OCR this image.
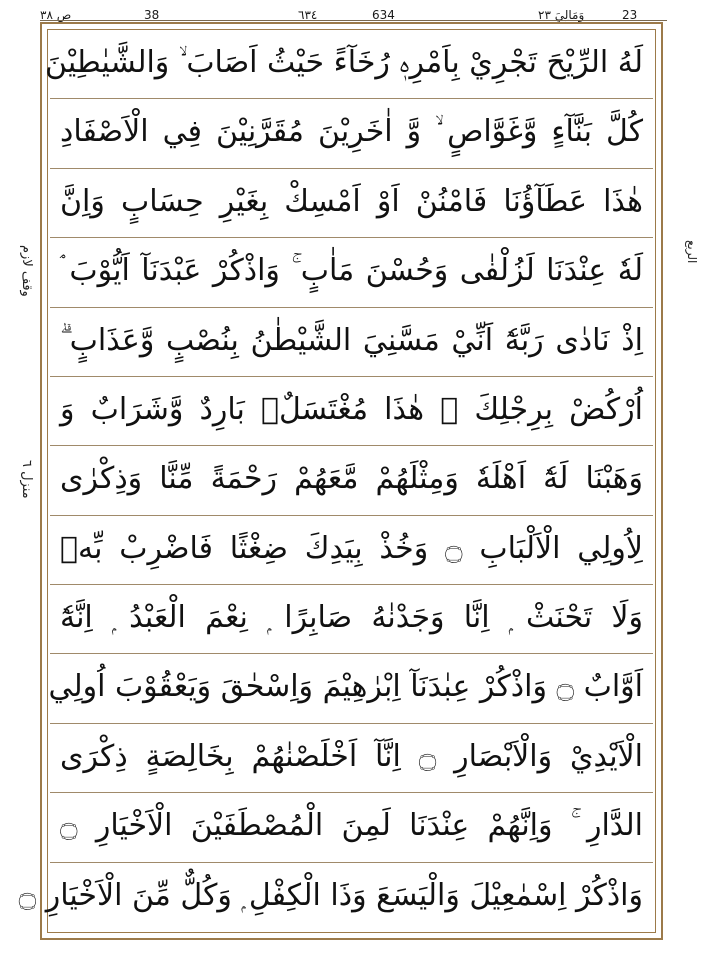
ص ٣٨	38	٦٣٤	634	وَمَالِيَ ٢٣	23
وقف لازم
منزل ٦
الربع
لَهُ الرِّيْحَ تَجْرِيْ بِاَمْرِهٖ رُخَآءً حَيْثُ اَصَابَ ۙ وَالشَّيٰطِيْنَ
كُلَّ بَنَّآءٍ وَّغَوَّاصٍ ۙ وَّ اٰخَرِيْنَ مُقَرَّنِيْنَ فِي الْاَصْفَادِ
هٰذَا عَطَآؤُنَا فَامْنُنْ اَوْ اَمْسِكْ بِغَيْرِ حِسَابٍ وَاِنَّ
لَهٗ عِنْدَنَا لَزُلْفٰى وَحُسْنَ مَاٰبٍ ۚ وَاذْكُرْ عَبْدَنَآ اَيُّوْبَ ۘ
اِذْ نَادٰى رَبَّهٗٓ اَنِّيْ مَسَّنِيَ الشَّيْطٰنُ بِنُصْبٍ وَّعَذَابٍ ۗ
اُرْكُضْ بِرِجْلِكَ ۚ هٰذَا مُغْتَسَلٌۢ بَارِدٌ وَّشَرَابٌ وَ
وَهَبْنَا لَهٗٓ اَهْلَهٗ وَمِثْلَهُمْ مَّعَهُمْ رَحْمَةً مِّنَّا وَذِكْرٰى
لِاُولِي الْاَلْبَابِ ۝ وَخُذْ بِيَدِكَ ضِغْثًا فَاضْرِبْ بِّهٖ
وَلَا تَحْنَثْ ۭ اِنَّا وَجَدْنٰهُ صَابِرًا ۭ نِعْمَ الْعَبْدُ ۭ اِنَّهٗٓ
اَوَّابٌ ۝ وَاذْكُرْ عِبٰدَنَآ اِبْرٰهِيْمَ وَاِسْحٰقَ وَيَعْقُوْبَ اُولِي
الْاَيْدِيْ وَالْاَبْصَارِ ۝ اِنَّآ اَخْلَصْنٰهُمْ بِخَالِصَةٍ ذِكْرَى
الدَّارِ ۚ وَاِنَّهُمْ عِنْدَنَا لَمِنَ الْمُصْطَفَيْنَ الْاَخْيَارِ ۝
وَاذْكُرْ اِسْمٰعِيْلَ وَالْيَسَعَ وَذَا الْكِفْلِ ۭ وَكُلٌّ مِّنَ الْاَخْيَارِ ۝
